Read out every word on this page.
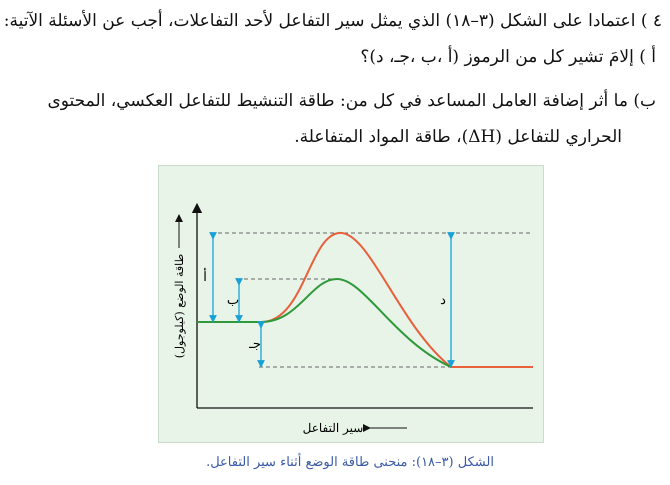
٤ ) اعتمادا على الشكل (٣–١٨) الذي يمثل سير التفاعل لأحد التفاعلات، أجب عن الأسئلة الآتية:
أ ) إلامَ تشير كل من الرموز (أ ،ب ،جـ، د)؟
ب) ما أثر إضافة العامل المساعد في كل من: طاقة التنشيط للتفاعل العكسي، المحتوى
الحراري للتفاعل (ΔH)، طاقة المواد المتفاعلة.
أ
ب
جـ
د
طاقة الوضع (كيلوجول)
سير التفاعل
الشكل (٣–١٨): منحنى طاقة الوضع أثناء سير التفاعل.
